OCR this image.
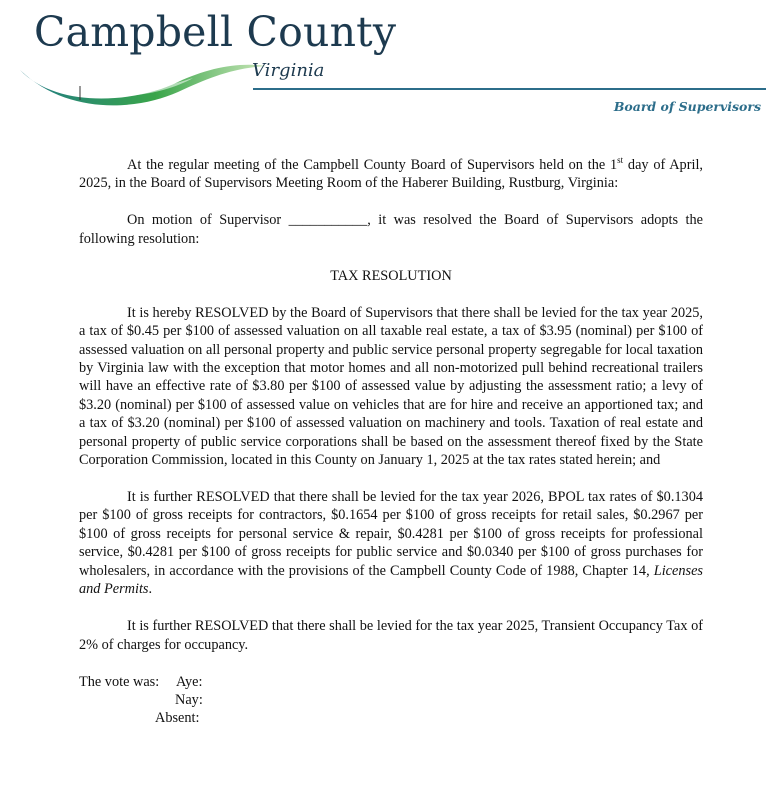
Campbell County
Virginia
Board of Supervisors

At the regular meeting of the Campbell County Board of Supervisors held on the 1st day of April, 2025, in the Board of Supervisors Meeting Room of the Haberer Building, Rustburg, Virginia:

On motion of Supervisor ___________, it was resolved the Board of Supervisors adopts the following resolution:

TAX RESOLUTION

It is hereby RESOLVED by the Board of Supervisors that there shall be levied for the tax year 2025, a tax of $0.45 per $100 of assessed valuation on all taxable real estate, a tax of $3.95 (nominal) per $100 of assessed valuation on all personal property and public service personal property segregable for local taxation by Virginia law with the exception that motor homes and all non-motorized pull behind recreational trailers will have an effective rate of $3.80 per $100 of assessed value by adjusting the assessment ratio; a levy of $3.20 (nominal) per $100 of assessed value on vehicles that are for hire and receive an apportioned tax; and a tax of $3.20 (nominal) per $100 of assessed valuation on machinery and tools. Taxation of real estate and personal property of public service corporations shall be based on the assessment thereof fixed by the State Corporation Commission, located in this County on January 1, 2025 at the tax rates stated herein; and

It is further RESOLVED that there shall be levied for the tax year 2026, BPOL tax rates of $0.1304 per $100 of gross receipts for contractors, $0.1654 per $100 of gross receipts for retail sales, $0.2967 per $100 of gross receipts for personal service & repair, $0.4281 per $100 of gross receipts for professional service, $0.4281 per $100 of gross receipts for public service and $0.0340 per $100 of gross purchases for wholesalers, in accordance with the provisions of the Campbell County Code of 1988, Chapter 14, Licenses and Permits.

It is further RESOLVED that there shall be levied for the tax year 2025, Transient Occupancy Tax of 2% of charges for occupancy.

The vote was: Aye:
Nay:
Absent:
